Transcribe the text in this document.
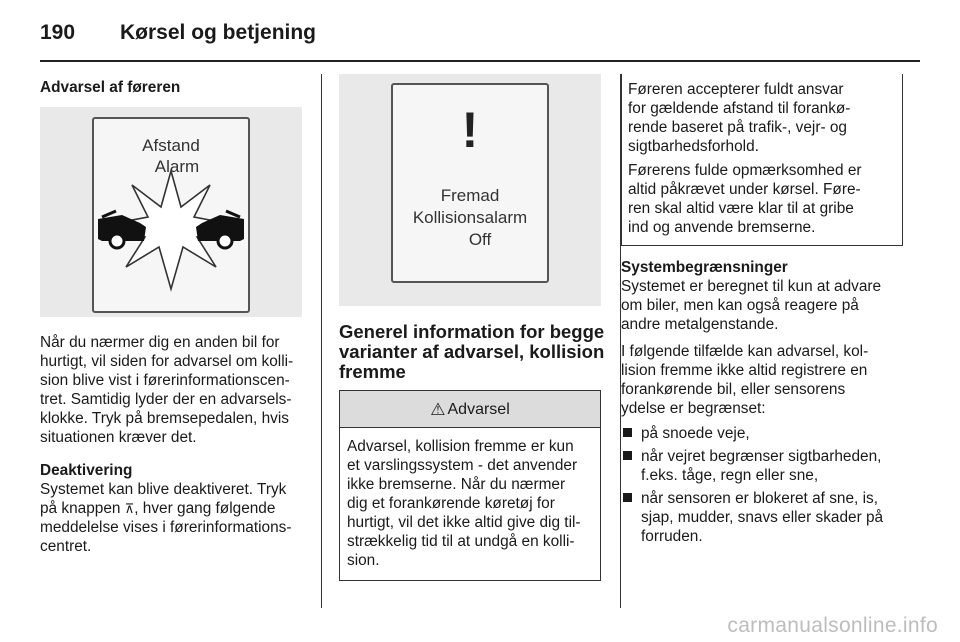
190	Kørsel og betjening
Advarsel af føreren
Afstand
Alarm
Når du nærmer dig en anden bil for
hurtigt, vil siden for advarsel om kolli-
sion blive vist i førerinformationscen-
tret. Samtidig lyder der en advarsels-
klokke. Tryk på bremsepedalen, hvis
situationen kræver det.
Deaktivering
Systemet kan blive deaktiveret. Tryk
på knappen ⊼, hver gang følgende
meddelelse vises i førerinformations-
centret.
!
Fremad
Kollisionsalarm
Off
Generel information for begge
varianter af advarsel, kollision
fremme
⚠ Advarsel
Advarsel, kollision fremme er kun
et varslingssystem - det anvender
ikke bremserne. Når du nærmer
dig et forankørende køretøj for
hurtigt, vil det ikke altid give dig til-
strækkelig tid til at undgå en kolli-
sion.
Føreren accepterer fuldt ansvar
for gældende afstand til forankø-
rende baseret på trafik-, vejr- og
sigtbarhedsforhold.
Førerens fulde opmærksomhed er
altid påkrævet under kørsel. Føre-
ren skal altid være klar til at gribe
ind og anvende bremserne.
Systembegrænsninger
Systemet er beregnet til kun at advare
om biler, men kan også reagere på
andre metalgenstande.
I følgende tilfælde kan advarsel, kol-
lision fremme ikke altid registrere en
forankørende bil, eller sensorens
ydelse er begrænset:
på snoede veje,
når vejret begrænser sigtbarheden,
f.eks. tåge, regn eller sne,
når sensoren er blokeret af sne, is,
sjap, mudder, snavs eller skader på
forruden.
carmanualsonline.info
